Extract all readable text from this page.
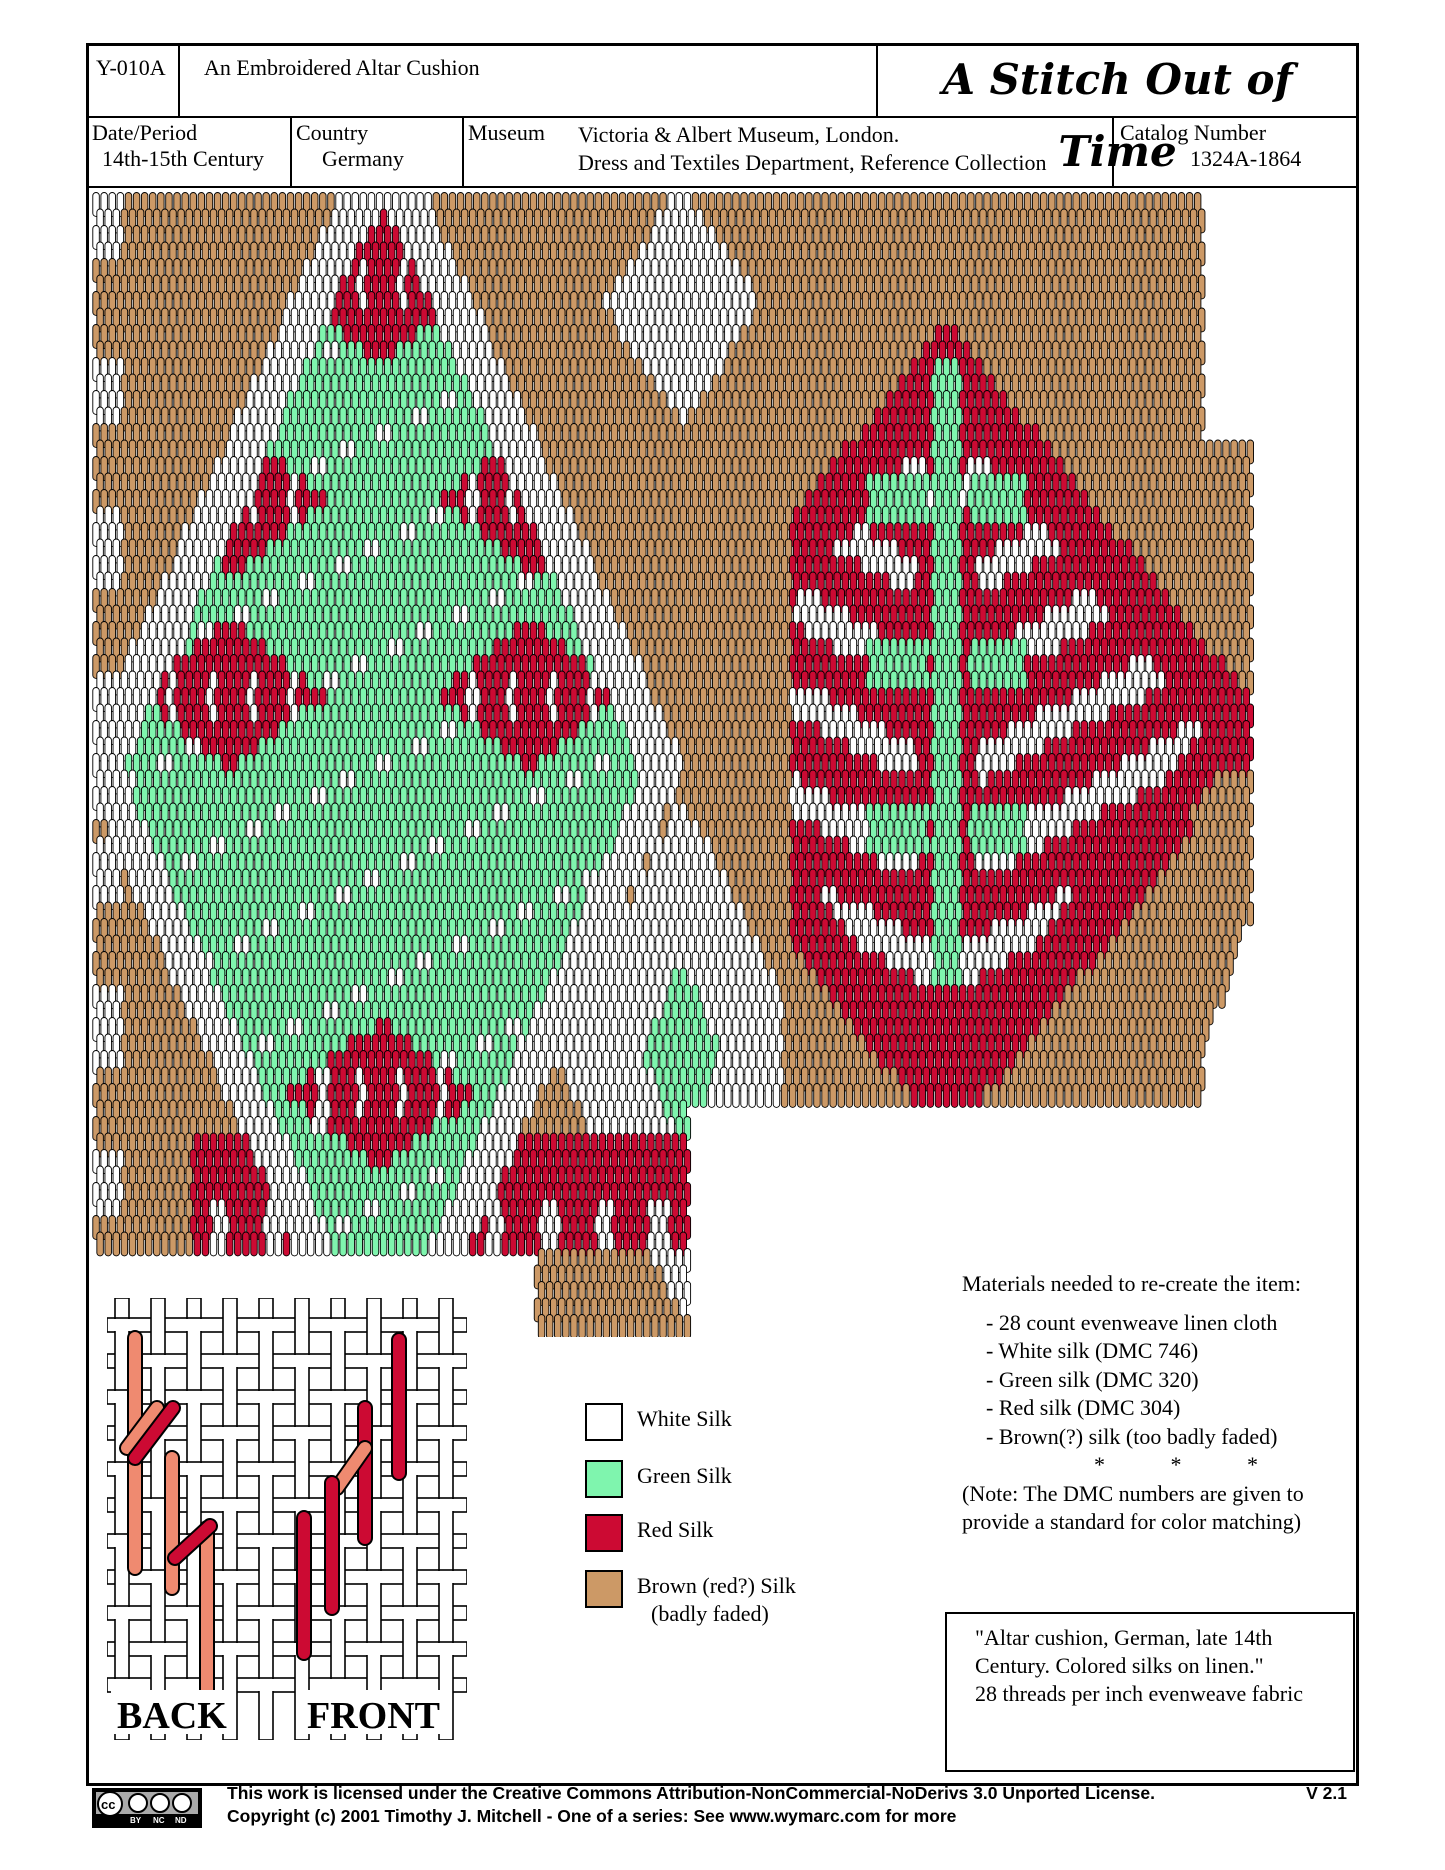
Y-010A	An Embroidered Altar Cushion	A Stitch Out of Time
Date/Period
14th-15th Century
Country
Germany
Museum Victoria & Albert Museum, London.
Dress and Textiles Department, Reference Collection
Catalog Number
1324A-1864
BACK FRONT
White Silk
Green Silk
Red Silk
Brown (red?) Silk
(badly faded)
Materials needed to re-create the item:
- 28 count evenweave linen cloth
- White silk (DMC 746)
- Green silk (DMC 320)
- Red silk (DMC 304)
- Brown(?) silk (too badly faded)
* * *
(Note: The DMC numbers are given to
provide a standard for color matching)
"Altar cushion, German, late 14th
Century. Colored silks on linen."
28 threads per inch evenweave fabric
cc
BY NC ND
This work is licensed under the Creative Commons Attribution-NonCommercial-NoDerivs 3.0 Unported License.
Copyright (c) 2001 Timothy J. Mitchell - One of a series: See www.wymarc.com for more
V 2.1
